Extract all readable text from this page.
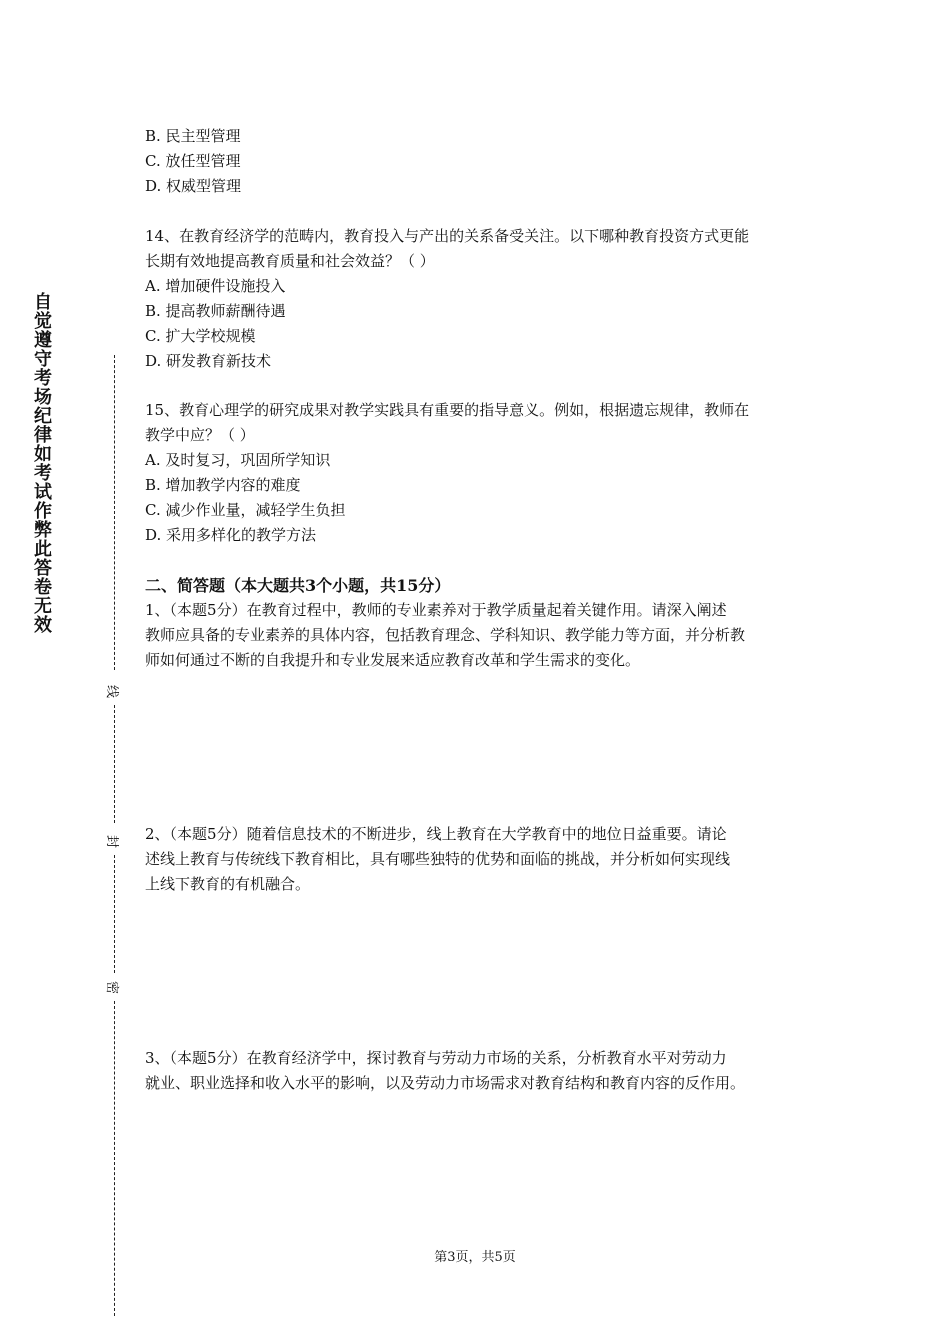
自觉遵守考场纪律如考试作弊此答卷无效
线
封
密
B. 民主型管理
C. 放任型管理
D. 权威型管理
14、在教育经济学的范畴内，教育投入与产出的关系备受关注。以下哪种教育投资方式更能
长期有效地提高教育质量和社会效益？（ ）
A. 增加硬件设施投入
B. 提高教师薪酬待遇
C. 扩大学校规模
D. 研发教育新技术
15、教育心理学的研究成果对教学实践具有重要的指导意义。例如，根据遗忘规律，教师在
教学中应？（ ）
A. 及时复习，巩固所学知识
B. 增加教学内容的难度
C. 减少作业量，减轻学生负担
D. 采用多样化的教学方法
二、简答题（本大题共3个小题，共15分）
1、（本题5分）在教育过程中，教师的专业素养对于教学质量起着关键作用。请深入阐述
教师应具备的专业素养的具体内容，包括教育理念、学科知识、教学能力等方面，并分析教
师如何通过不断的自我提升和专业发展来适应教育改革和学生需求的变化。
2、（本题5分）随着信息技术的不断进步，线上教育在大学教育中的地位日益重要。请论
述线上教育与传统线下教育相比，具有哪些独特的优势和面临的挑战，并分析如何实现线
上线下教育的有机融合。
3、（本题5分）在教育经济学中，探讨教育与劳动力市场的关系，分析教育水平对劳动力
就业、职业选择和收入水平的影响，以及劳动力市场需求对教育结构和教育内容的反作用。
第3页，共5页
